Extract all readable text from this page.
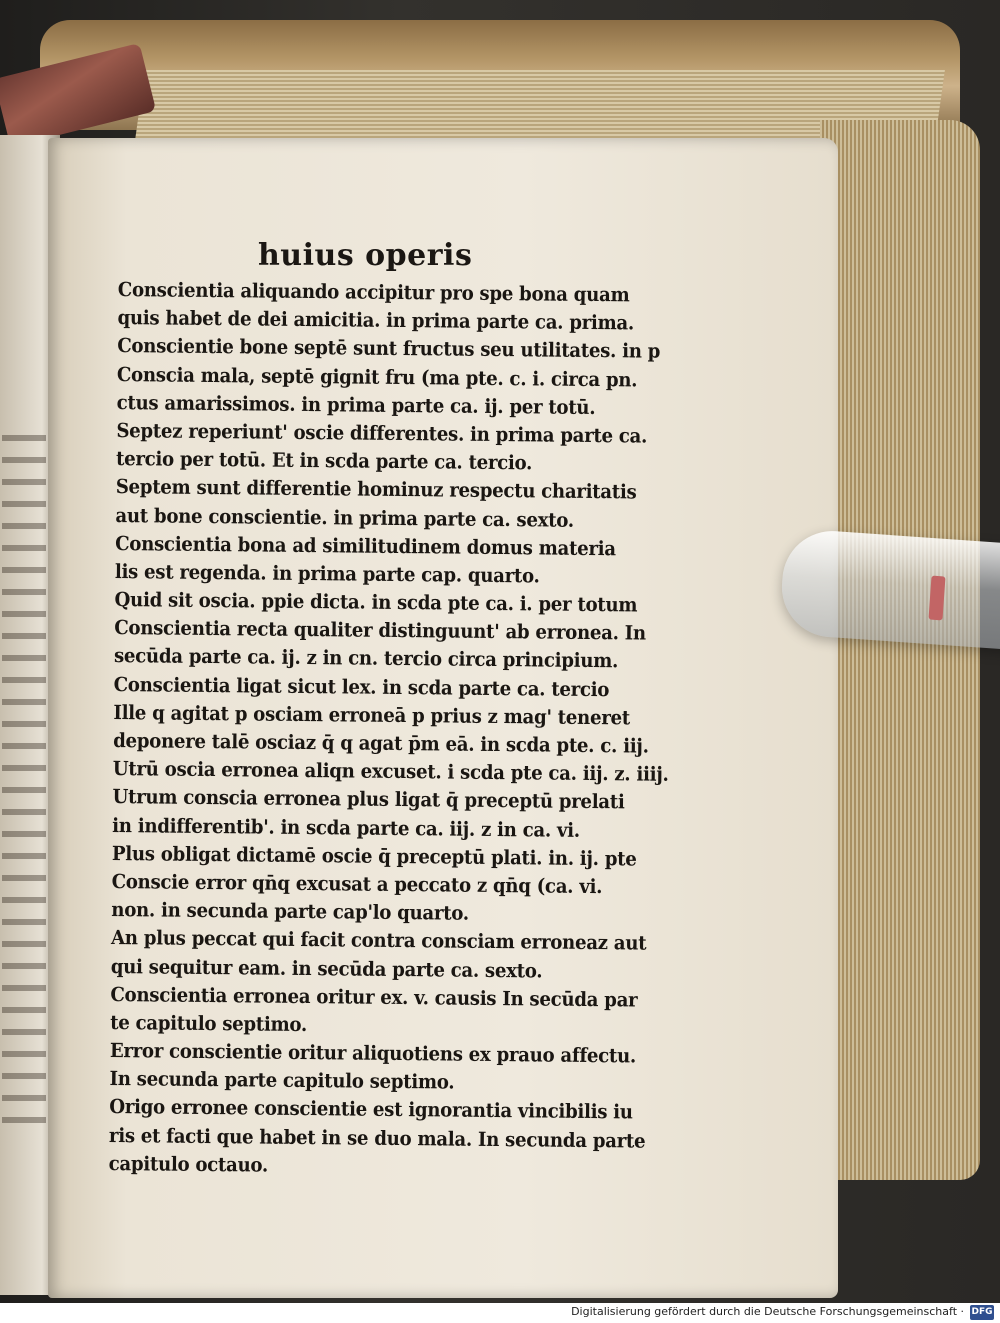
huius operis
Conscientia aliquando accipitur pro spe bona quam
quis habet de dei amicitia. in prima parte ca. prima.
Conscientie bone septē sunt fructus seu utilitates. in p
Conscia mala, septē gignit fru (ma pte. c. i. circa pn.
ctus amarissimos. in prima parte ca. ij. per totū.
Septez reperiunt' oscie differentes. in prima parte ca.
tercio per totū. Et in scda parte ca. tercio.
Septem sunt differentie hominuz respectu charitatis
aut bone conscientie. in prima parte ca. sexto.
Conscientia bona ad similitudinem domus materia
lis est regenda. in prima parte cap. quarto.
Quid sit oscia. ppie dicta. in scda pte ca. i. per totum
Conscientia recta qualiter distinguunt' ab erronea. In
secūda parte ca. ij. z in cn. tercio circa principium.
Conscientia ligat sicut lex. in scda parte ca. tercio
Ille q agitat p osciam erroneā p prius z mag' teneret
deponere talē osciaz q̄ q agat p̄m eā. in scda pte. c. iij.
Utrū oscia erronea aliqn excuset. i scda pte ca. iij. z. iiij.
Utrum conscia erronea plus ligat q̄ preceptū prelati
in indifferentib'. in scda parte ca. iij. z in ca. vi.
Plus obligat dictamē oscie q̄ preceptū plati. in. ij. pte
Conscie error qn̄q excusat a peccato z qn̄q (ca. vi.
non. in secunda parte cap'lo quarto.
An plus peccat qui facit contra consciam erroneaz aut
qui sequitur eam. in secūda parte ca. sexto.
Conscientia erronea oritur ex. v. causis In secūda par
te capitulo septimo.
Error conscientie oritur aliquotiens ex prauo affectu.
In secunda parte capitulo septimo.
Origo erronee conscientie est ignorantia vincibilis iu
ris et facti que habet in se duo mala. In secunda parte
capitulo octauo.
Digitalisierung gefördert durch die Deutsche Forschungsgemeinschaft · DFG
